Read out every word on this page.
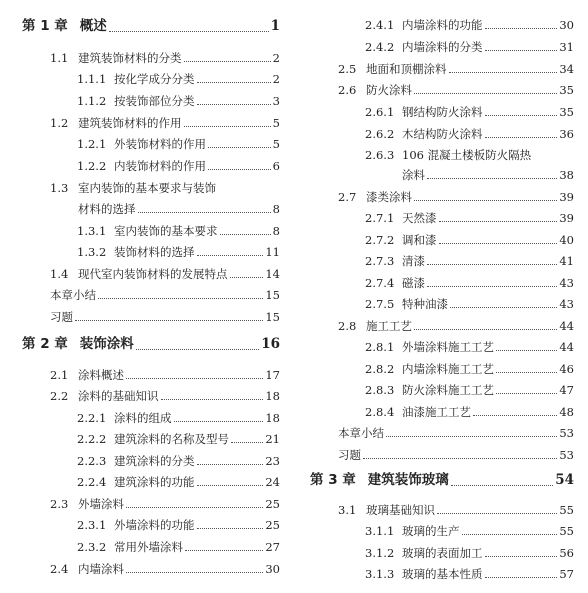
第 1 章 概述	1
1.1 建筑装饰材料的分类	2
1.1.1 按化学成分分类	2
1.1.2 按装饰部位分类	3
1.2 建筑装饰材料的作用	5
1.2.1 外装饰材料的作用	5
1.2.2 内装饰材料的作用	6
1.3 室内装饰的基本要求与装饰
材料的选择	8
1.3.1 室内装饰的基本要求	8
1.3.2 装饰材料的选择	11
1.4 现代室内装饰材料的发展特点	14
本章小结	15
习题	15
第 2 章 装饰涂料	16
2.1 涂料概述	17
2.2 涂料的基础知识	18
2.2.1 涂料的组成	18
2.2.2 建筑涂料的名称及型号	21
2.2.3 建筑涂料的分类	23
2.2.4 建筑涂料的功能	24
2.3 外墙涂料	25
2.3.1 外墙涂料的功能	25
2.3.2 常用外墙涂料	27
2.4 内墙涂料	30
2.4.1 内墙涂料的功能	30
2.4.2 内墙涂料的分类	31
2.5 地面和顶棚涂料	34
2.6 防火涂料	35
2.6.1 钢结构防火涂料	35
2.6.2 木结构防火涂料	36
2.6.3 106 混凝土楼板防火隔热
涂料	38
2.7 漆类涂料	39
2.7.1 天然漆	39
2.7.2 调和漆	40
2.7.3 清漆	41
2.7.4 磁漆	43
2.7.5 特种油漆	43
2.8 施工工艺	44
2.8.1 外墙涂料施工工艺	44
2.8.2 内墙涂料施工工艺	46
2.8.3 防火涂料施工工艺	47
2.8.4 油漆施工工艺	48
本章小结	53
习题	53
第 3 章 建筑装饰玻璃	54
3.1 玻璃基础知识	55
3.1.1 玻璃的生产	55
3.1.2 玻璃的表面加工	56
3.1.3 玻璃的基本性质	57
